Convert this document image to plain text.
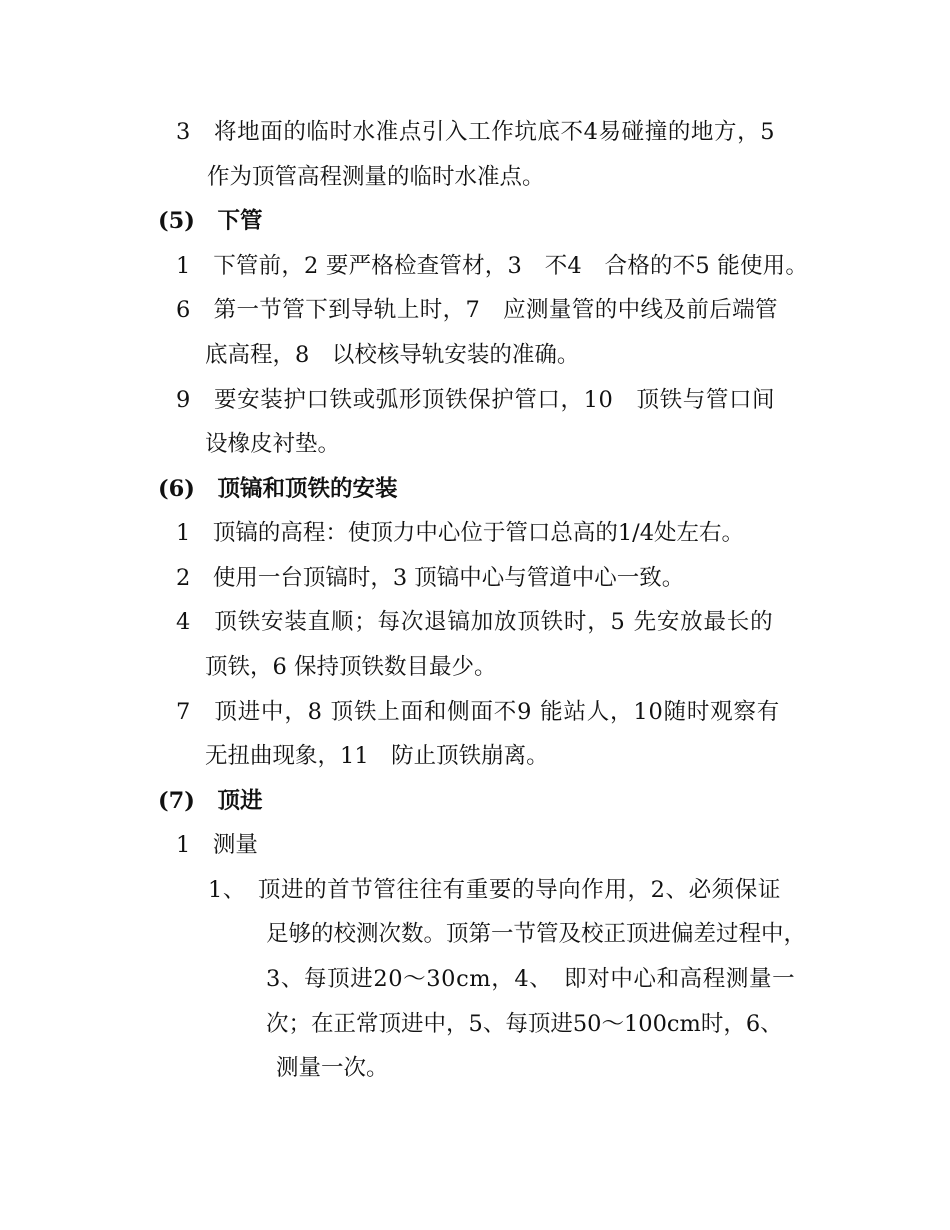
3　将地面的临时水准点引入工作坑底不4易碰撞的地方，5
作为顶管高程测量的临时水准点。
(5)　下管
1　下管前，2 要严格检查管材，3　不4　合格的不5 能使用。
6　第一节管下到导轨上时，7　应测量管的中线及前后端管
底高程，8　以校核导轨安装的准确。
9　要安装护口铁或弧形顶铁保护管口，10　顶铁与管口间
设橡皮衬垫。
(6)　顶镐和顶铁的安装
1　顶镐的高程：使顶力中心位于管口总高的1/4处左右。
2　使用一台顶镐时，3 顶镐中心与管道中心一致。
4　顶铁安装直顺；每次退镐加放顶铁时，5 先安放最长的
顶铁，6 保持顶铁数目最少。
7　顶进中，8 顶铁上面和侧面不9 能站人，10随时观察有
无扭曲现象，11　防止顶铁崩离。
(7)　顶进
1　测量
1、　顶进的首节管往往有重要的导向作用，2、必须保证
足够的校测次数。顶第一节管及校正顶进偏差过程中，
3、每顶进20～30cm，4、　即对中心和高程测量一
次；在正常顶进中，5、每顶进50～100cm时，6、
测量一次。
